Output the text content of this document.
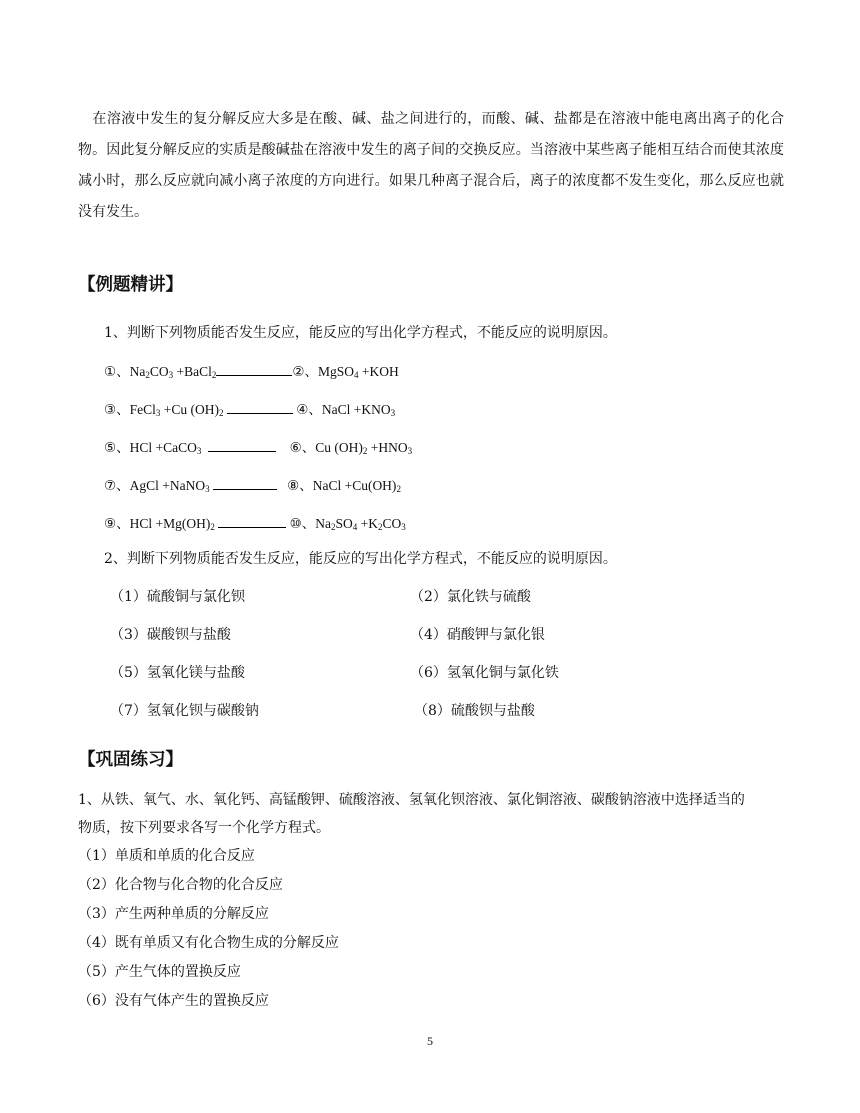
在溶液中发生的复分解反应大多是在酸、碱、盐之间进行的，而酸、碱、盐都是在溶液中能电离出离子的化合物。因此复分解反应的实质是酸碱盐在溶液中发生的离子间的交换反应。当溶液中某些离子能相互结合而使其浓度减小时，那么反应就向减小离子浓度的方向进行。如果几种离子混合后，离子的浓度都不发生变化，那么反应也就没有发生。

【例题精讲】
1、判断下列物质能否发生反应，能反应的写出化学方程式，不能反应的说明原因。
①、$Na_2CO_3$ +BaCl$_2$	②、MgSO$_4$ +KOH
③、FeCl$_3$ +Cu $(OH)_2$	④、NaCl $+KNO_3$
⑤、HCl +CaCO$_3$	⑥、Cu $(OH)_2 +HNO_3$
⑦、AgCl +NaNO$_3$	⑧、NaCl $+Cu(OH)_2$
⑨、HCl $+Mg(OH)_2$	⑩、$Na_2SO_4 +K_2CO_3$
2、判断下列物质能否发生反应，能反应的写出化学方程式，不能反应的说明原因。
（1）硫酸铜与氯化钡	（2）氯化铁与硫酸
（3）碳酸钡与盐酸	（4）硝酸钾与氯化银
（5）氢氧化镁与盐酸	（6）氢氧化铜与氯化铁
（7）氢氧化钡与碳酸钠	（8）硫酸钡与盐酸
【巩固练习】
1、从铁、氧气、水、氧化钙、高锰酸钾、硫酸溶液、氢氧化钡溶液、氯化铜溶液、碳酸钠溶液中选择适当的
物质，按下列要求各写一个化学方程式。
（1）单质和单质的化合反应
（2）化合物与化合物的化合反应
（3）产生两种单质的分解反应
（4）既有单质又有化合物生成的分解反应
（5）产生气体的置换反应
（6）没有气体产生的置换反应
5
